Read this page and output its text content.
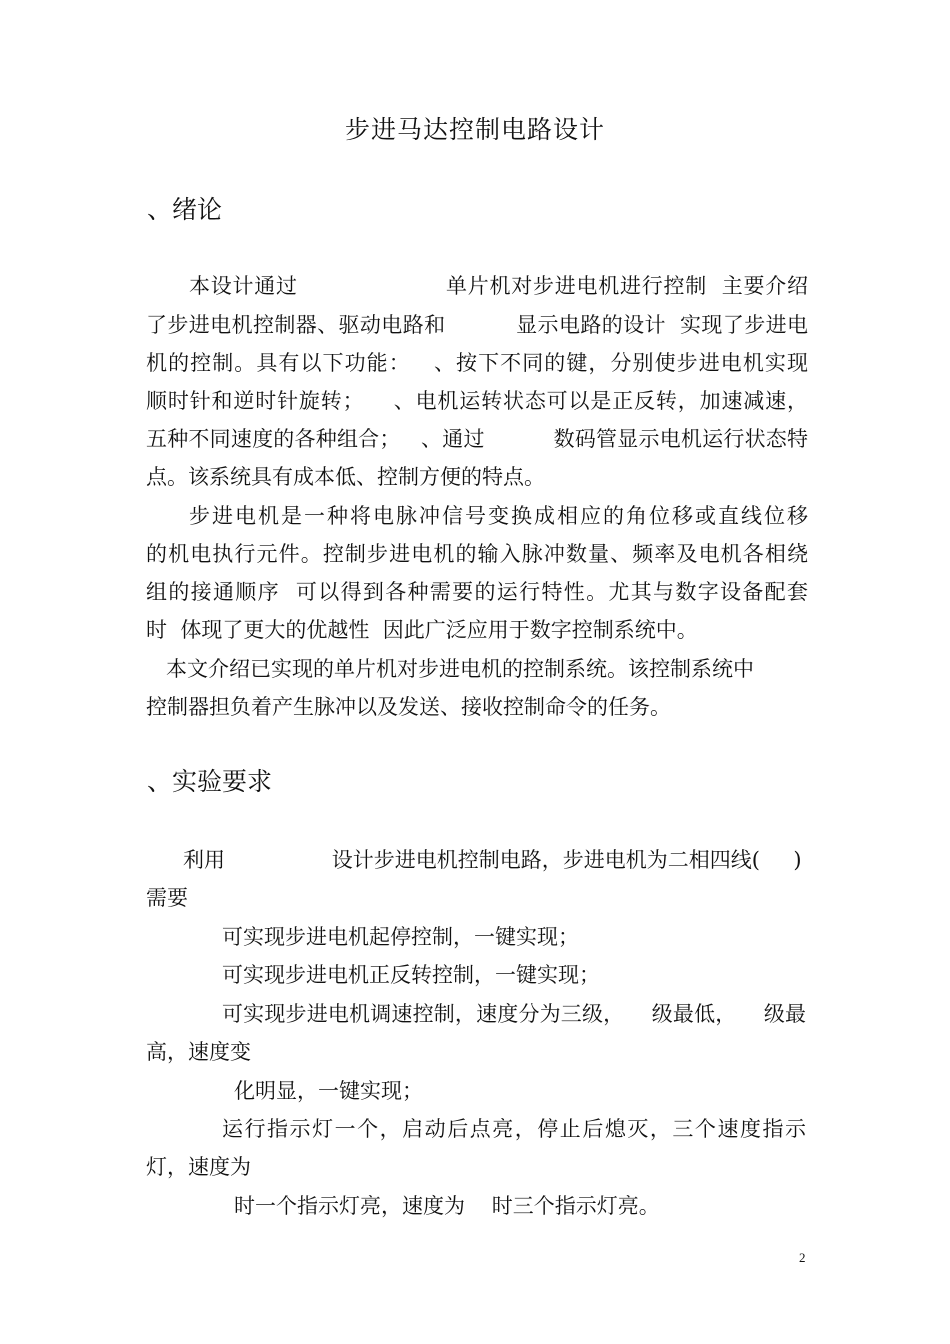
步进马达控制电路设计
、绪论
本设计通过                    单片机对步进电机进行控制  主要介绍
了步进电机控制器、驱动电路和          显示电路的设计  实现了步进电
机的控制。具有以下功能：   、按下不同的键，分别使步进电机实现
顺时针和逆时针旋转；    、电机运转状态可以是正反转，加速减速，
五种不同速度的各种组合；   、通过          数码管显示电机运行状态特
点。该系统具有成本低、控制方便的特点。
步进电机是一种将电脉冲信号变换成相应的角位移或直线位移
的机电执行元件。控制步进电机的输入脉冲数量、频率及电机各相绕
组的接通顺序  可以得到各种需要的运行特性。尤其与数字设备配套
时  体现了更大的优越性  因此广泛应用于数字控制系统中。
本文介绍已实现的单片机对步进电机的控制系统。该控制系统中
控制器担负着产生脉冲以及发送、接收控制命令的任务。
、实验要求
利用                设计步进电机控制电路，步进电机为二相四线(     )
需要
可实现步进电机起停控制，一键实现；
可实现步进电机正反转控制，一键实现；
可实现步进电机调速控制，速度分为三级，    级最低，    级最
高，速度变
化明显，一键实现；
运行指示灯一个，启动后点亮，停止后熄灭，三个速度指示
灯，速度为
时一个指示灯亮，速度为    时三个指示灯亮。
2
